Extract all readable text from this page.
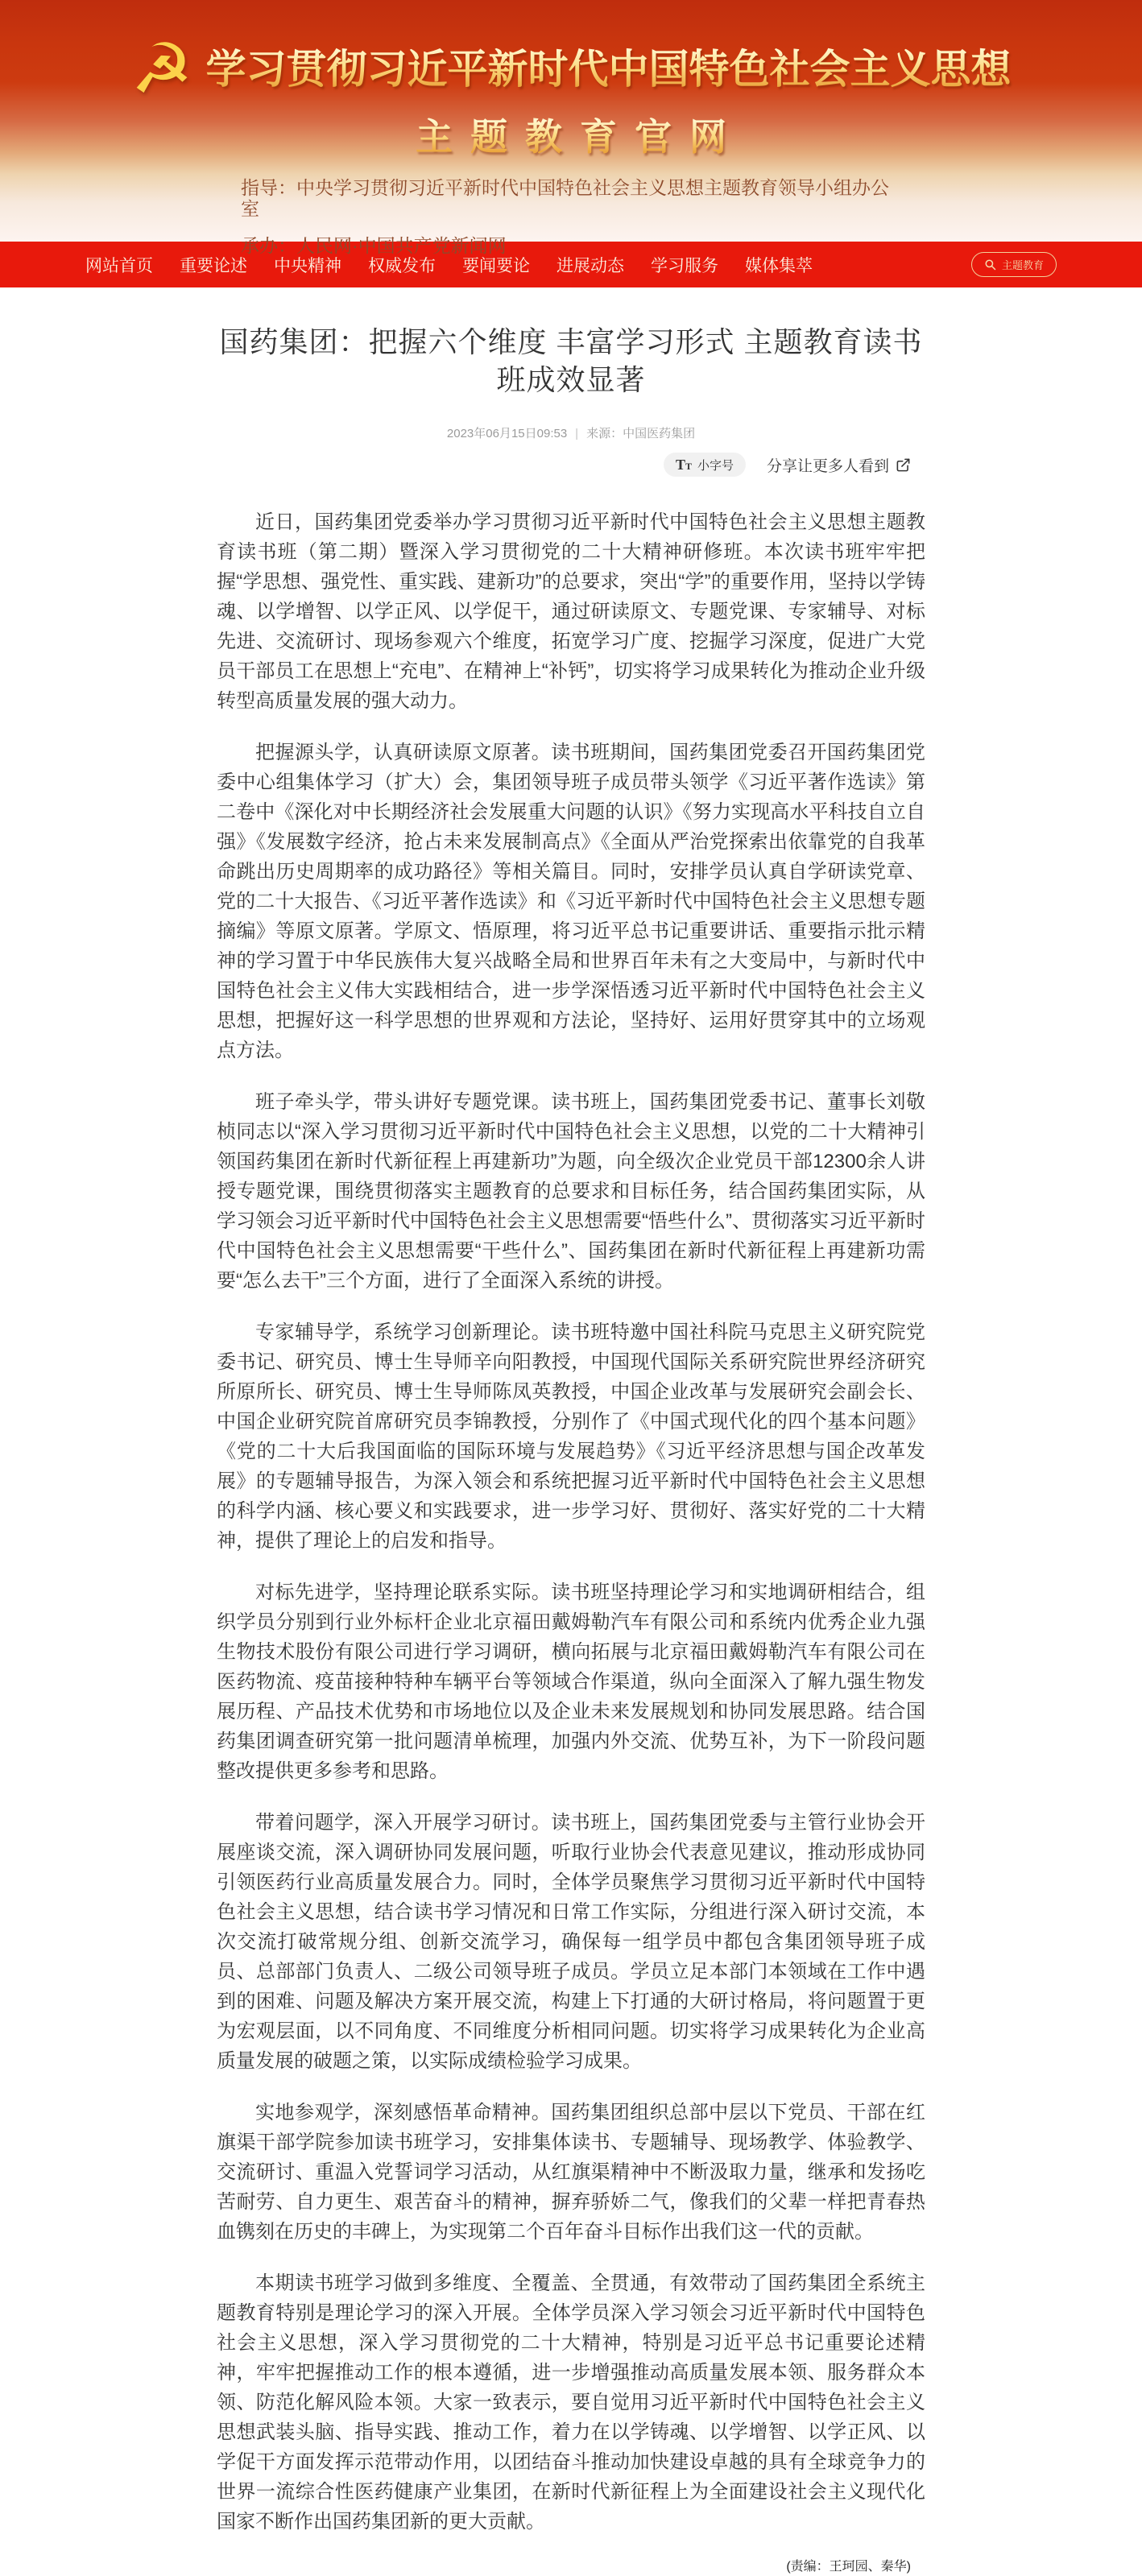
☭ 学习贯彻习近平新时代中国特色社会主义思想
主题教育官网

指导：中央学习贯彻习近平新时代中国特色社会主义思想主题教育领导小组办公室

承办：人民网·中国共产党新闻网

网站首页 重要论述 中央精神 权威发布 要闻要论 进展动态 学习服务 媒体集萃	主题教育
国药集团：把握六个维度 丰富学习形式 主题教育读书班成效显著
2023年06月15日09:53 | 来源：中国医药集团
TT 小字号 分享让更多人看到

近日，国药集团党委举办学习贯彻习近平新时代中国特色社会主义思想主题教育读书班（第二期）暨深入学习贯彻党的二十大精神研修班。本次读书班牢牢把握“学思想、强党性、重实践、建新功”的总要求，突出“学”的重要作用，坚持以学铸魂、以学增智、以学正风、以学促干，通过研读原文、专题党课、专家辅导、对标先进、交流研讨、现场参观六个维度，拓宽学习广度、挖掘学习深度，促进广大党员干部员工在思想上“充电”、在精神上“补钙”，切实将学习成果转化为推动企业升级转型高质量发展的强大动力。

把握源头学，认真研读原文原著。读书班期间，国药集团党委召开国药集团党委中心组集体学习（扩大）会，集团领导班子成员带头领学《习近平著作选读》第二卷中《深化对中长期经济社会发展重大问题的认识》《努力实现高水平科技自立自强》《发展数字经济，抢占未来发展制高点》《全面从严治党探索出依靠党的自我革命跳出历史周期率的成功路径》等相关篇目。同时，安排学员认真自学研读党章、党的二十大报告、《习近平著作选读》和《习近平新时代中国特色社会主义思想专题摘编》等原文原著。学原文、悟原理，将习近平总书记重要讲话、重要指示批示精神的学习置于中华民族伟大复兴战略全局和世界百年未有之大变局中，与新时代中国特色社会主义伟大实践相结合，进一步学深悟透习近平新时代中国特色社会主义思想，把握好这一科学思想的世界观和方法论，坚持好、运用好贯穿其中的立场观点方法。

班子牵头学，带头讲好专题党课。读书班上，国药集团党委书记、董事长刘敬桢同志以“深入学习贯彻习近平新时代中国特色社会主义思想，以党的二十大精神引领国药集团在新时代新征程上再建新功”为题，向全级次企业党员干部12300余人讲授专题党课，围绕贯彻落实主题教育的总要求和目标任务，结合国药集团实际，从学习领会习近平新时代中国特色社会主义思想需要“悟些什么”、贯彻落实习近平新时代中国特色社会主义思想需要“干些什么”、国药集团在新时代新征程上再建新功需要“怎么去干”三个方面，进行了全面深入系统的讲授。

专家辅导学，系统学习创新理论。读书班特邀中国社科院马克思主义研究院党委书记、研究员、博士生导师辛向阳教授，中国现代国际关系研究院世界经济研究所原所长、研究员、博士生导师陈凤英教授，中国企业改革与发展研究会副会长、中国企业研究院首席研究员李锦教授，分别作了《中国式现代化的四个基本问题》《党的二十大后我国面临的国际环境与发展趋势》《习近平经济思想与国企改革发展》的专题辅导报告，为深入领会和系统把握习近平新时代中国特色社会主义思想的科学内涵、核心要义和实践要求，进一步学习好、贯彻好、落实好党的二十大精神，提供了理论上的启发和指导。

对标先进学，坚持理论联系实际。读书班坚持理论学习和实地调研相结合，组织学员分别到行业外标杆企业北京福田戴姆勒汽车有限公司和系统内优秀企业九强生物技术股份有限公司进行学习调研，横向拓展与北京福田戴姆勒汽车有限公司在医药物流、疫苗接种特种车辆平台等领域合作渠道，纵向全面深入了解九强生物发展历程、产品技术优势和市场地位以及企业未来发展规划和协同发展思路。结合国药集团调查研究第一批问题清单梳理，加强内外交流、优势互补，为下一阶段问题整改提供更多参考和思路。

带着问题学，深入开展学习研讨。读书班上，国药集团党委与主管行业协会开展座谈交流，深入调研协同发展问题，听取行业协会代表意见建议，推动形成协同引领医药行业高质量发展合力。同时，全体学员聚焦学习贯彻习近平新时代中国特色社会主义思想，结合读书学习情况和日常工作实际，分组进行深入研讨交流，本次交流打破常规分组、创新交流学习，确保每一组学员中都包含集团领导班子成员、总部部门负责人、二级公司领导班子成员。学员立足本部门本领域在工作中遇到的困难、问题及解决方案开展交流，构建上下打通的大研讨格局，将问题置于更为宏观层面，以不同角度、不同维度分析相同问题。切实将学习成果转化为企业高质量发展的破题之策，以实际成绩检验学习成果。

实地参观学，深刻感悟革命精神。国药集团组织总部中层以下党员、干部在红旗渠干部学院参加读书班学习，安排集体读书、专题辅导、现场教学、体验教学、交流研讨、重温入党誓词学习活动，从红旗渠精神中不断汲取力量，继承和发扬吃苦耐劳、自力更生、艰苦奋斗的精神，摒弃骄娇二气，像我们的父辈一样把青春热血镌刻在历史的丰碑上，为实现第二个百年奋斗目标作出我们这一代的贡献。

本期读书班学习做到多维度、全覆盖、全贯通，有效带动了国药集团全系统主题教育特别是理论学习的深入开展。全体学员深入学习领会习近平新时代中国特色社会主义思想，深入学习贯彻党的二十大精神，特别是习近平总书记重要论述精神，牢牢把握推动工作的根本遵循，进一步增强推动高质量发展本领、服务群众本领、防范化解风险本领。大家一致表示，要自觉用习近平新时代中国特色社会主义思想武装头脑、指导实践、推动工作，着力在以学铸魂、以学增智、以学正风、以学促干方面发挥示范带动作用，以团结奋斗推动加快建设卓越的具有全球竞争力的世界一流综合性医药健康产业集团，在新时代新征程上为全面建设社会主义现代化国家不断作出国药集团新的更大贡献。

(责编：王珂园、秦华)
